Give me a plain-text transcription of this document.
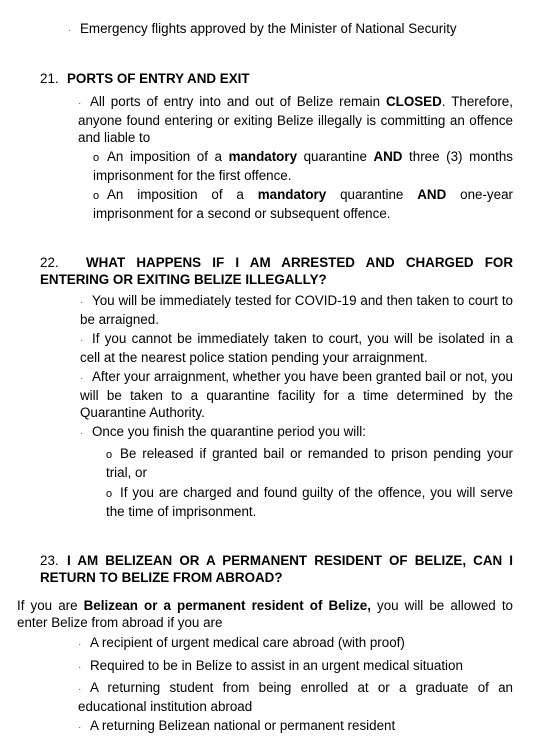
· Emergency flights approved by the Minister of National Security
21. PORTS OF ENTRY AND EXIT
· All ports of entry into and out of Belize remain CLOSED. Therefore, anyone found entering or exiting Belize illegally is committing an offence and liable to
o An imposition of a mandatory quarantine AND three (3) months imprisonment for the first offence.
o An imposition of a mandatory quarantine AND one-year imprisonment for a second or subsequent offence.
22. WHAT HAPPENS IF I AM ARRESTED AND CHARGED FOR ENTERING OR EXITING BELIZE ILLEGALLY?
· You will be immediately tested for COVID-19 and then taken to court to be arraigned.
· If you cannot be immediately taken to court, you will be isolated in a cell at the nearest police station pending your arraignment.
· After your arraignment, whether you have been granted bail or not, you will be taken to a quarantine facility for a time determined by the Quarantine Authority.
· Once you finish the quarantine period you will:
o Be released if granted bail or remanded to prison pending your trial, or
o If you are charged and found guilty of the offence, you will serve the time of imprisonment.
23. I AM BELIZEAN OR A PERMANENT RESIDENT OF BELIZE, CAN I RETURN TO BELIZE FROM ABROAD?
If you are Belizean or a permanent resident of Belize, you will be allowed to enter Belize from abroad if you are
· A recipient of urgent medical care abroad (with proof)
· Required to be in Belize to assist in an urgent medical situation
· A returning student from being enrolled at or a graduate of an educational institution abroad
· A returning Belizean national or permanent resident
